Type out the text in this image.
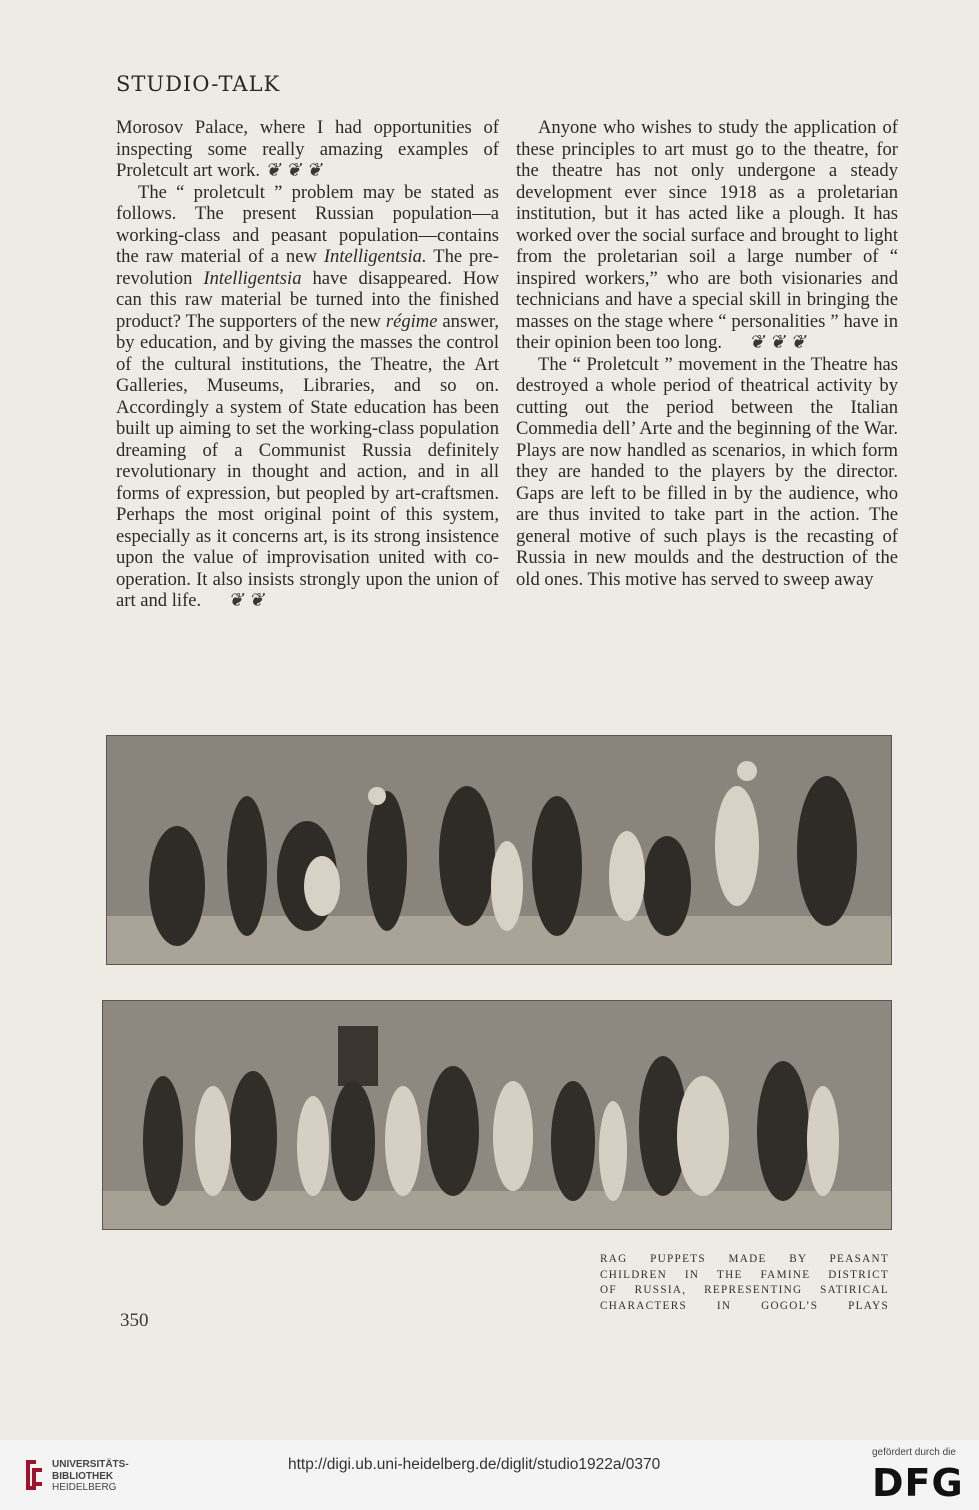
STUDIO-TALK

Morosov Palace, where I had opportunities of inspecting some really amazing examples of Proletcult art work. ❦ ❦ ❦

The “ proletcult ” problem may be stated as follows. The present Russian population—a working-class and peasant population—contains the raw material of a new Intelligentsia. The pre-revolution Intelligentsia have disappeared. How can this raw material be turned into the finished product? The supporters of the new régime answer, by education, and by giving the masses the control of the cultural institutions, the Theatre, the Art Galleries, Museums, Libraries, and so on. Accordingly a system of State education has been built up aiming to set the working-class population dreaming of a Communist Russia definitely revolutionary in thought and action, and in all forms of expression, but peopled by art-craftsmen. Perhaps the most original point of this system, especially as it concerns art, is its strong insistence upon the value of improvisation united with co-operation. It also insists strongly upon the union of art and life. ❦ ❦

Anyone who wishes to study the application of these principles to art must go to the theatre, for the theatre has not only undergone a steady development ever since 1918 as a proletarian institution, but it has acted like a plough. It has worked over the social surface and brought to light from the proletarian soil a large number of “ inspired workers,” who are both visionaries and technicians and have a special skill in bringing the masses on the stage where “ personalities ” have in their opinion been too long. ❦ ❦ ❦

The “ Proletcult ” movement in the Theatre has destroyed a whole period of theatrical activity by cutting out the period between the Italian Commedia dell’ Arte and the beginning of the War. Plays are now handled as scenarios, in which form they are handed to the players by the director. Gaps are left to be filled in by the audience, who are thus invited to take part in the action. The general motive of such plays is the recasting of Russia in new moulds and the destruction of the old ones. This motive has served to sweep away

RAG PUPPETS MADE BY PEASANT
CHILDREN IN THE FAMINE DISTRICT
OF RUSSIA, REPRESENTING SATIRICAL
CHARACTERS IN GOGOL’S PLAYS
350
UNIVERSITÄTS-
BIBLIOTHEK
HEIDELBERG
http://digi.ub.uni-heidelberg.de/diglit/studio1922a/0370
gefördert durch die
DFG
